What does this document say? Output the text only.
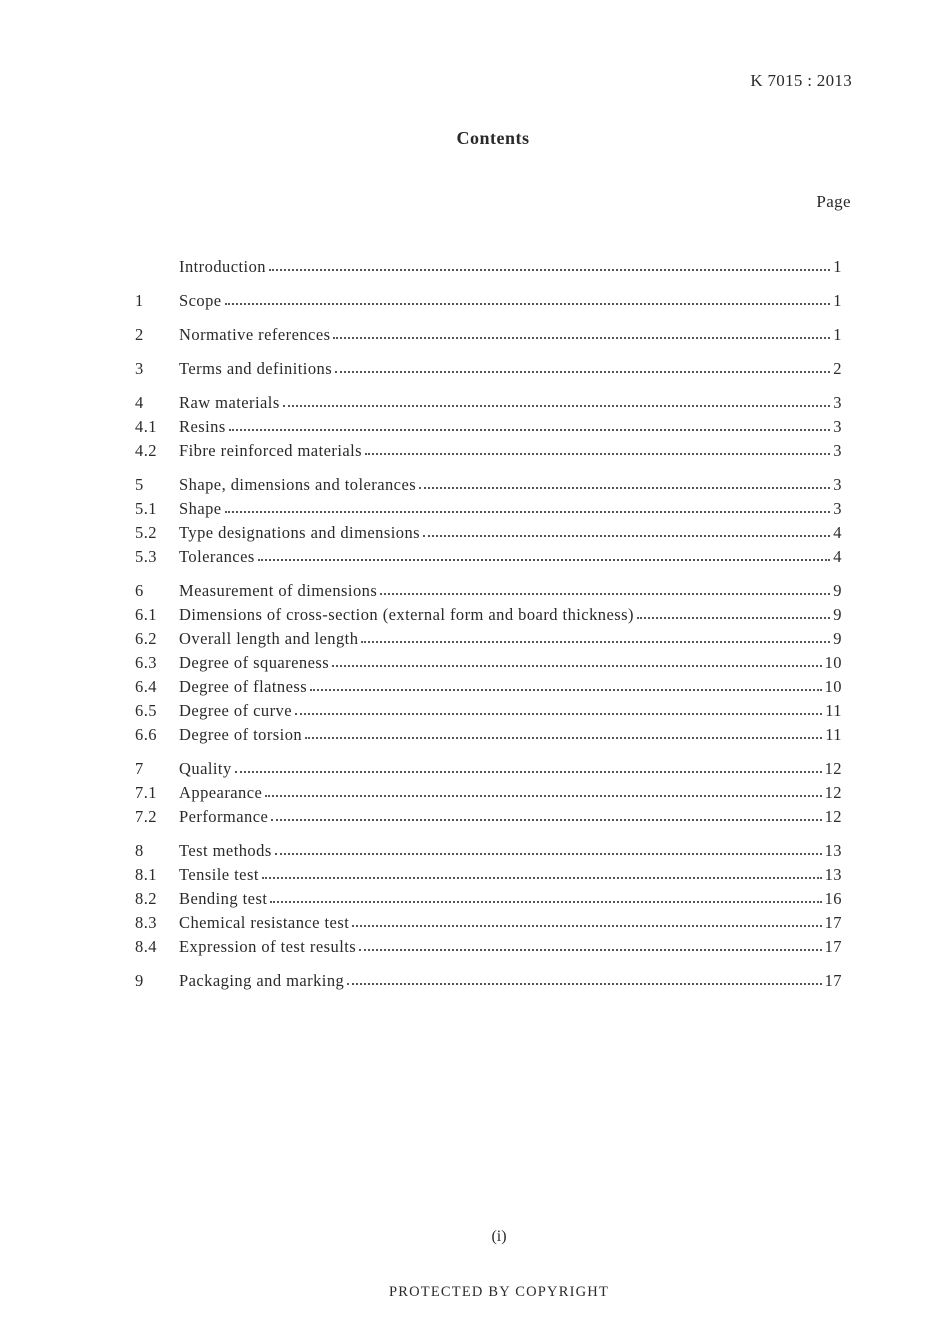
K 7015 : 2013
Contents
Page
Introduction	1
1	Scope	1
2	Normative references	1
3	Terms and definitions	2
4	Raw materials	3
4.1	Resins	3
4.2	Fibre reinforced materials	3
5	Shape, dimensions and tolerances	3
5.1	Shape	3
5.2	Type designations and dimensions	4
5.3	Tolerances	4
6	Measurement of dimensions	9
6.1	Dimensions of cross-section (external form and board thickness)	9
6.2	Overall length and length	9
6.3	Degree of squareness	10
6.4	Degree of flatness	10
6.5	Degree of curve	11
6.6	Degree of torsion	11
7	Quality	12
7.1	Appearance	12
7.2	Performance	12
8	Test methods	13
8.1	Tensile test	13
8.2	Bending test	16
8.3	Chemical resistance test	17
8.4	Expression of test results	17
9	Packaging and marking	17
(i)
PROTECTED BY COPYRIGHT
